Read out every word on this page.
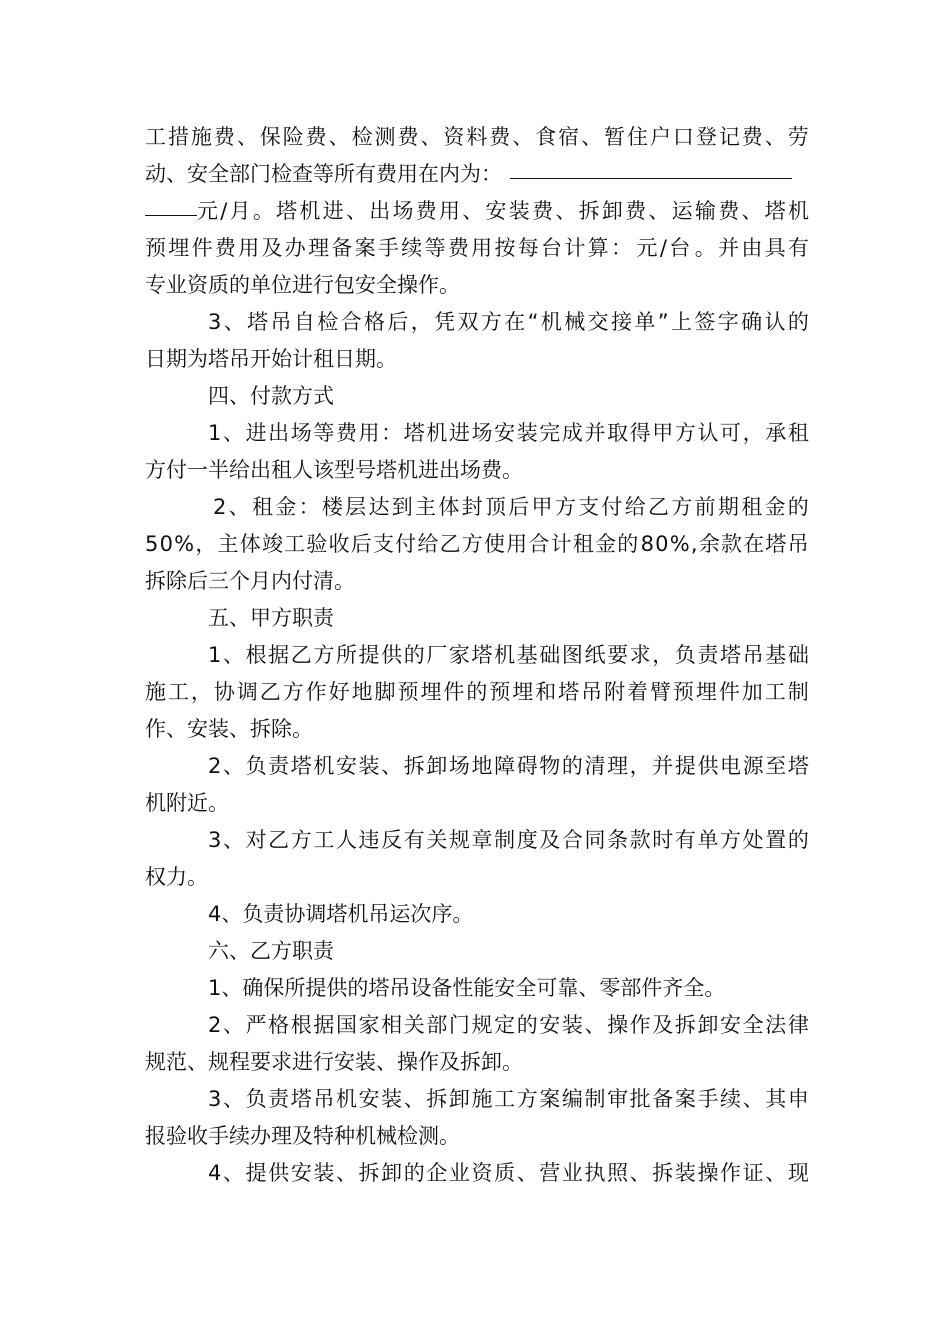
工 措 施 费 、 保 险 费 、 检 测 费 、 资 料 费 、 食 宿 、 暂 住 户 口 登 记 费 、 劳
动、安全部门检查等所有费用在内为：
元 / 月 。 塔 机 进 、 出 场 费 用 、 安 装 费 、 拆 卸 费 、 运 输 费 、 塔 机
预 埋 件 费 用 及 办 理 备 案 手 续 等 费 用 按 每 台 计 算 ： 元 / 台 。 并 由 具 有
专业资质的单位进行包安全操作。
3 、 塔 吊 自 检 合 格 后 ， 凭 双 方 在 “ 机 械 交 接 单 ” 上 签 字 确 认 的
日期为塔吊开始计租日期。
四、付款方式
1 、 进 出 场 等 费 用 ： 塔 机 进 场 安 装 完 成 并 取 得 甲 方 认 可 ， 承 租
方付一半给出租人该型号塔机进出场费。
2 、 租 金 ： 楼 层 达 到 主 体 封 顶 后 甲 方 支 付 给 乙 方 前 期 租 金 的
5 0 % ， 主 体 竣 工 验 收 后 支 付 给 乙 方 使 用 合 计 租 金 的 8 0 % , 余 款 在 塔 吊
拆除后三个月内付清。
五、甲方职责
1 、 根 据 乙 方 所 提 供 的 厂 家 塔 机 基 础 图 纸 要 求 ， 负 责 塔 吊 基 础
施 工 ， 协 调 乙 方 作 好 地 脚 预 埋 件 的 预 埋 和 塔 吊 附 着 臂 预 埋 件 加 工 制
作、安装、拆除。
2 、 负 责 塔 机 安 装 、 拆 卸 场 地 障 碍 物 的 清 理 ， 并 提 供 电 源 至 塔
机附近。
3 、 对 乙 方 工 人 违 反 有 关 规 章 制 度 及 合 同 条 款 时 有 单 方 处 置 的
权力。
4、负责协调塔机吊运次序。
六、乙方职责
1、确保所提供的塔吊设备性能安全可靠、零部件齐全。
2 、 严 格 根 据 国 家 相 关 部 门 规 定 的 安 装 、 操 作 及 拆 卸 安 全 法 律
规范、规程要求进行安装、操作及拆卸。
3 、 负 责 塔 吊 机 安 装 、 拆 卸 施 工 方 案 编 制 审 批 备 案 手 续 、 其 申
报验收手续办理及特种机械检测。
4 、 提 供 安 装 、 拆 卸 的 企 业 资 质 、 营 业 执 照 、 拆 装 操 作 证 、 现
